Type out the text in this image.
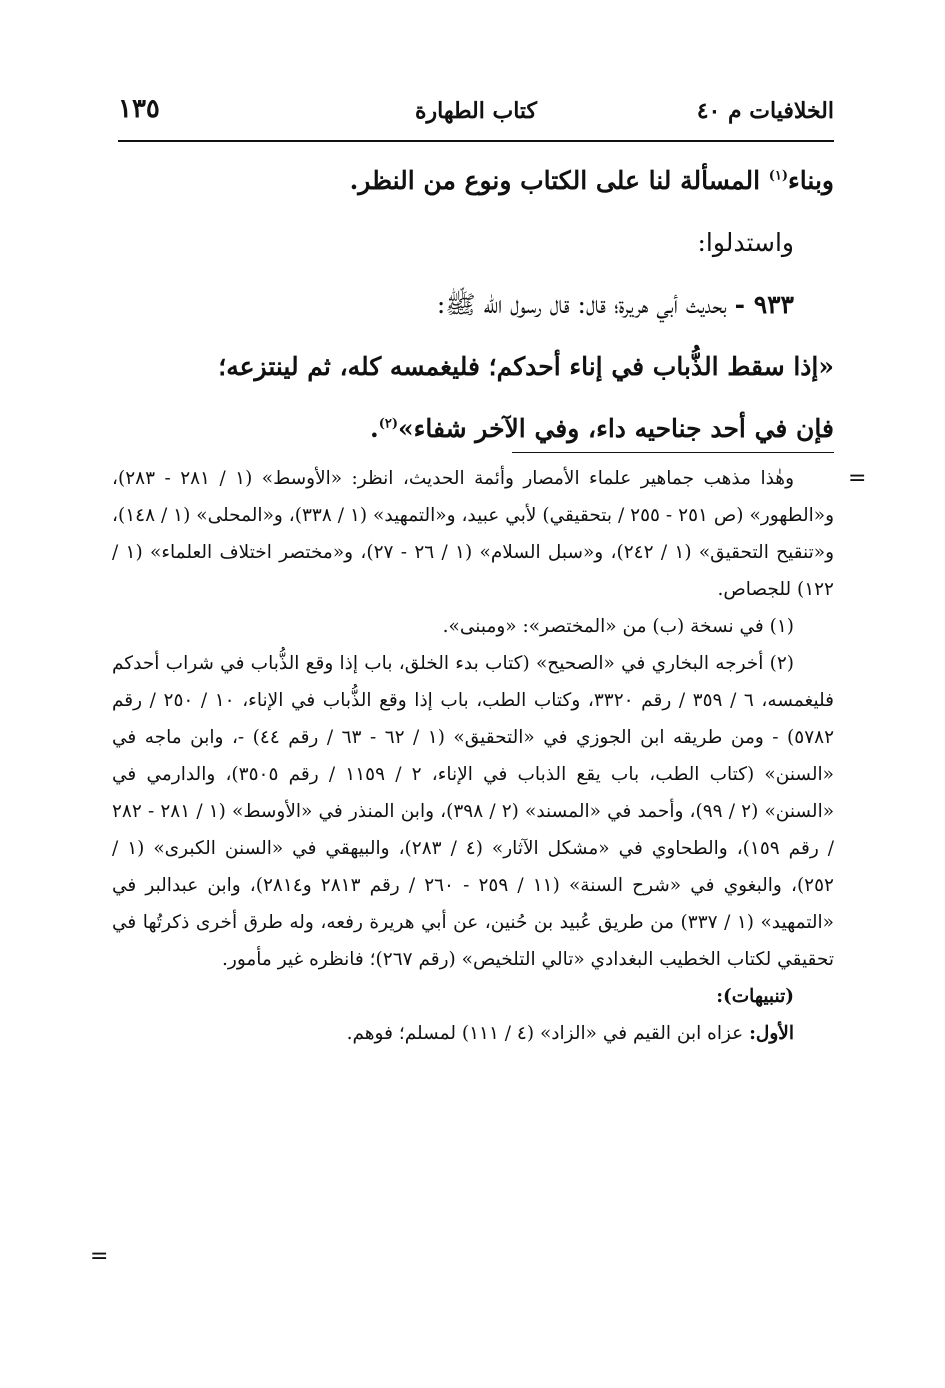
الخلافيات م ٤٠
كتاب الطهارة
١٣٥

وبناء$^{(١)}$ المسألة لنا على الكتاب ونوع من النظر.

واستدلوا:

٩٣٣ - بحديث أبي هريرة؛ قال: قال رسول الله ﷺ:

«إذا سقط الذُّباب في إناء أحدكم؛ فليغمسه كله، ثم لينتزعه؛

فإن في أحد جناحيه داء، وفي الآخر شفاء»$^{(٢)}$.

=
=

وهٰذا مذهب جماهير علماء الأمصار وأئمة الحديث، انظر: «الأوسط» (١ / ٢٨١ - ٢٨٣)، و«الطهور» (ص ٢٥١ - ٢٥٥ / بتحقيقي) لأبي عبيد، و«التمهيد» (١ / ٣٣٨)، و«المحلى» (١ / ١٤٨)، و«تنقيح التحقيق» (١ / ٢٤٢)، و«سبل السلام» (١ / ٢٦ - ٢٧)، و«مختصر اختلاف العلماء» (١ / ١٢٢) للجصاص.

(١) في نسخة (ب) من «المختصر»: «ومبنى».

(٢) أخرجه البخاري في «الصحيح» (كتاب بدء الخلق، باب إذا وقع الذُّباب في شراب أحدكم فليغمسه، ٦ / ٣٥٩ / رقم ٣٣٢٠، وكتاب الطب، باب إذا وقع الذُّباب في الإناء، ١٠ / ٢٥٠ / رقم ٥٧٨٢) - ومن طريقه ابن الجوزي في «التحقيق» (١ / ٦٢ - ٦٣ / رقم ٤٤) -، وابن ماجه في «السنن» (كتاب الطب، باب يقع الذباب في الإناء، ٢ / ١١٥٩ / رقم ٣٥٠٥)، والدارمي في «السنن» (٢ / ٩٩)، وأحمد في «المسند» (٢ / ٣٩٨)، وابن المنذر في «الأوسط» (١ / ٢٨١ - ٢٨٢ / رقم ١٥٩)، والطحاوي في «مشكل الآثار» (٤ / ٢٨٣)، والبيهقي في «السنن الكبرى» (١ / ٢٥٢)، والبغوي في «شرح السنة» (١١ / ٢٥٩ - ٢٦٠ / رقم ٢٨١٣ و٢٨١٤)، وابن عبدالبر في «التمهيد» (١ / ٣٣٧) من طريق عُبيد بن حُنين، عن أبي هريرة رفعه، وله طرق أخرى ذكرتُها في تحقيقي لكتاب الخطيب البغدادي «تالي التلخيص» (رقم ٢٦٧)؛ فانظره غير مأمور.

(تنبيهات):

الأول: عزاه ابن القيم في «الزاد» (٤ / ١١١) لمسلم؛ فوهم.
